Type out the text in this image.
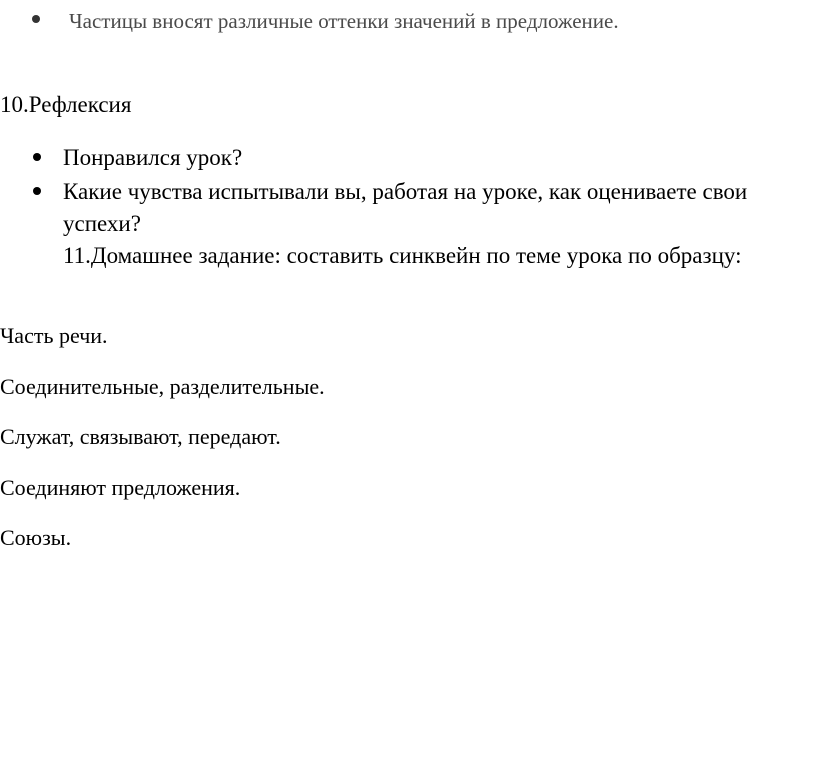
Частицы вносят различные оттенки значений в предложение.
10.Рефлексия
Понравился урок?
Какие чувства испытывали вы, работая на уроке, как оцениваете свои
успехи?
11.Домашнее задание: составить синквейн по теме урока по образцу:
Часть речи.
Соединительные, разделительные.
Служат, связывают, передают.
Соединяют предложения.
Союзы.
